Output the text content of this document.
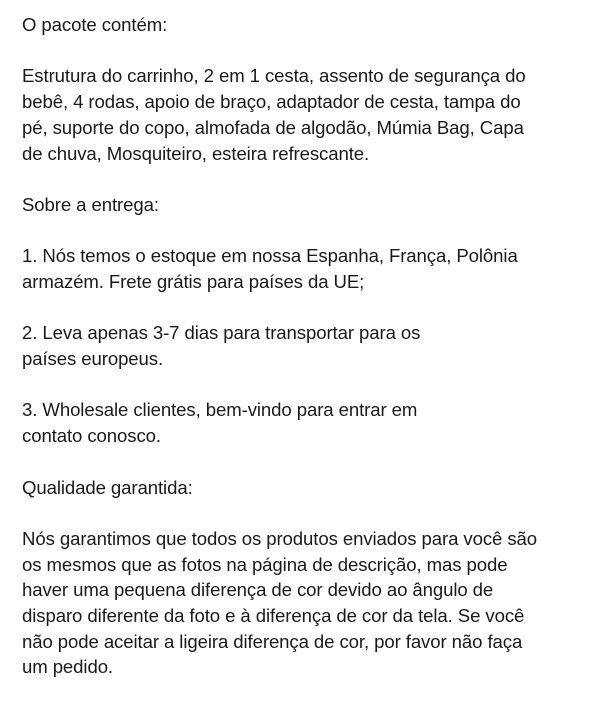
O pacote contém:
Estrutura do carrinho, 2 em 1 cesta, assento de segurança do
bebê, 4 rodas, apoio de braço, adaptador de cesta, tampa do
pé, suporte do copo, almofada de algodão, Múmia Bag, Capa
de chuva, Mosquiteiro, esteira refrescante.
Sobre a entrega:
1. Nós temos o estoque em nossa Espanha, França, Polônia
armazém. Frete grátis para países da UE;
2. Leva apenas 3-7 dias para transportar para os
países europeus.
3. Wholesale clientes, bem-vindo para entrar em
contato conosco.
Qualidade garantida:
Nós garantimos que todos os produtos enviados para você são
os mesmos que as fotos na página de descrição, mas pode
haver uma pequena diferença de cor devido ao ângulo de
disparo diferente da foto e à diferença de cor da tela. Se você
não pode aceitar a ligeira diferença de cor, por favor não faça
um pedido.
